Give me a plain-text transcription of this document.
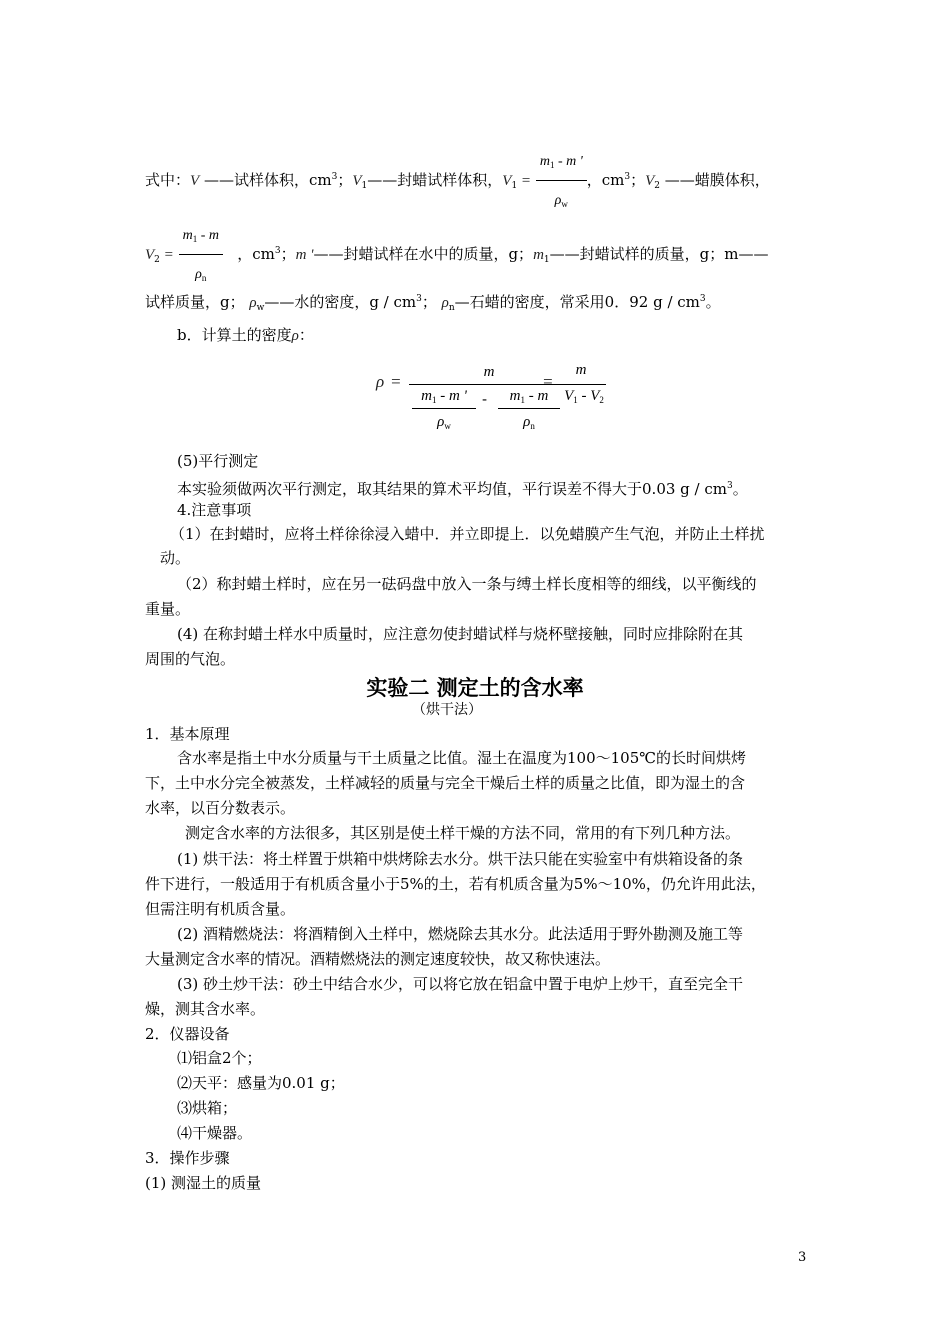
式中：V ——试样体积，$cm^3$；$V_1——$封蜡试样体积，$V_1 = \frac{m_1 - m '}{\rho_w}$ ，$cm^3$；$V_2$ ——蜡膜体积，
$V_2 = \frac{m_1 - m}{\rho_n}$ ，$cm^3$；m '——封蜡试样在水中的质量，g；$m_1——$封蜡试样的质量，g；m——
试样质量，g； $\rho_w——$水的密度，g / $cm^3$； $\rho_n—$石蜡的密度，常采用0．92 g / $cm^3$。
b．计算土的密度ρ：
ρ =	m
$m_1$ - m '
$\rho_w$
-	$m_1$ - m
$\rho_n$
=
m
$V_1 - V_2$
(5)平行测定
本实验须做两次平行测定，取其结果的算术平均值，平行误差不得大于0.03 g / $cm^3$。
4.注意事项
（1）在封蜡时，应将土样徐徐浸入蜡中．并立即提上．以免蜡膜产生气泡，并防止土样扰
动。
（2）称封蜡土样时，应在另一砝码盘中放入一条与缚土样长度相等的细线，以平衡线的
重量。
(4) 在称封蜡土样水中质量时，应注意勿使封蜡试样与烧杯壁接触，同时应排除附在其
周围的气泡。
实验二 测定土的含水率
（烘干法）
1．基本原理
含水率是指土中水分质量与干土质量之比值。湿土在温度为100～105℃的长时间烘烤
下，土中水分完全被蒸发，土样减轻的质量与完全干燥后土样的质量之比值，即为湿土的含
水率，以百分数表示。
测定含水率的方法很多，其区别是使土样干燥的方法不同，常用的有下列几种方法。
(1) 烘干法：将土样置于烘箱中烘烤除去水分。烘干法只能在实验室中有烘箱设备的条
件下进行，一般适用于有机质含量小于5%的土，若有机质含量为5%～10%，仍允许用此法，
但需注明有机质含量。
(2) 酒精燃烧法：将酒精倒入土样中，燃烧除去其水分。此法适用于野外勘测及施工等
大量测定含水率的情况。酒精燃烧法的测定速度较快，故又称快速法。
(3) 砂土炒干法：砂土中结合水少，可以将它放在铝盒中置于电炉上炒干，直至完全干
燥，测其含水率。
2．仪器设备
⑴铝盒2个；
⑵天平：感量为0.01 g；
⑶烘箱；
⑷干燥器。
3．操作步骤
(1) 测湿土的质量
3
